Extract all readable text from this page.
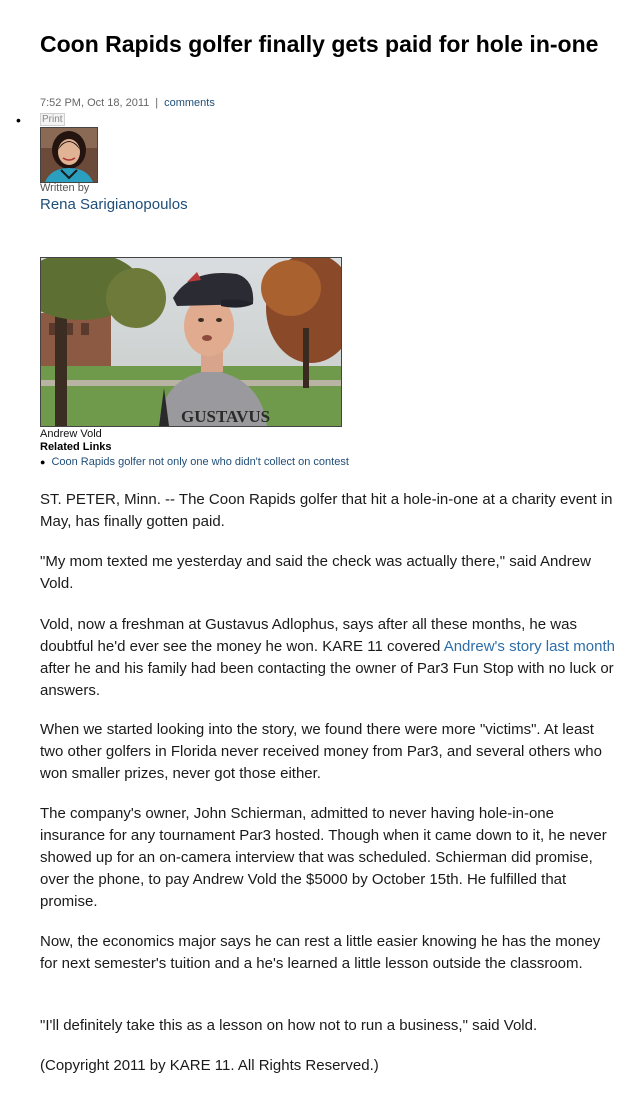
Coon Rapids golfer finally gets paid for hole in-one
7:52 PM, Oct 18, 2011 | comments
• Print
Written by
Rena Sarigianopoulos
GUSTAVUS
Andrew Vold
Related Links
● Coon Rapids golfer not only one who didn't collect on contest

ST. PETER, Minn. -- The Coon Rapids golfer that hit a hole-in-one at a charity event in May, has finally gotten paid.

"My mom texted me yesterday and said the check was actually there," said Andrew Vold.

Vold, now a freshman at Gustavus Adlophus, says after all these months, he was doubtful he'd ever see the money he won. KARE 11 covered Andrew's story last month after he and his family had been contacting the owner of Par3 Fun Stop with no luck or answers.

When we started looking into the story, we found there were more "victims". At least two other golfers in Florida never received money from Par3, and several others who won smaller prizes, never got those either.

The company's owner, John Schierman, admitted to never having hole-in-one insurance for any tournament Par3 hosted. Though when it came down to it, he never showed up for an on-camera interview that was scheduled. Schierman did promise, over the phone, to pay Andrew Vold the $5000 by October 15th. He fulfilled that promise.

Now, the economics major says he can rest a little easier knowing he has the money for next semester's tuition and a he's learned a little lesson outside the classroom.

"I'll definitely take this as a lesson on how not to run a business," said Vold.

(Copyright 2011 by KARE 11. All Rights Reserved.)
